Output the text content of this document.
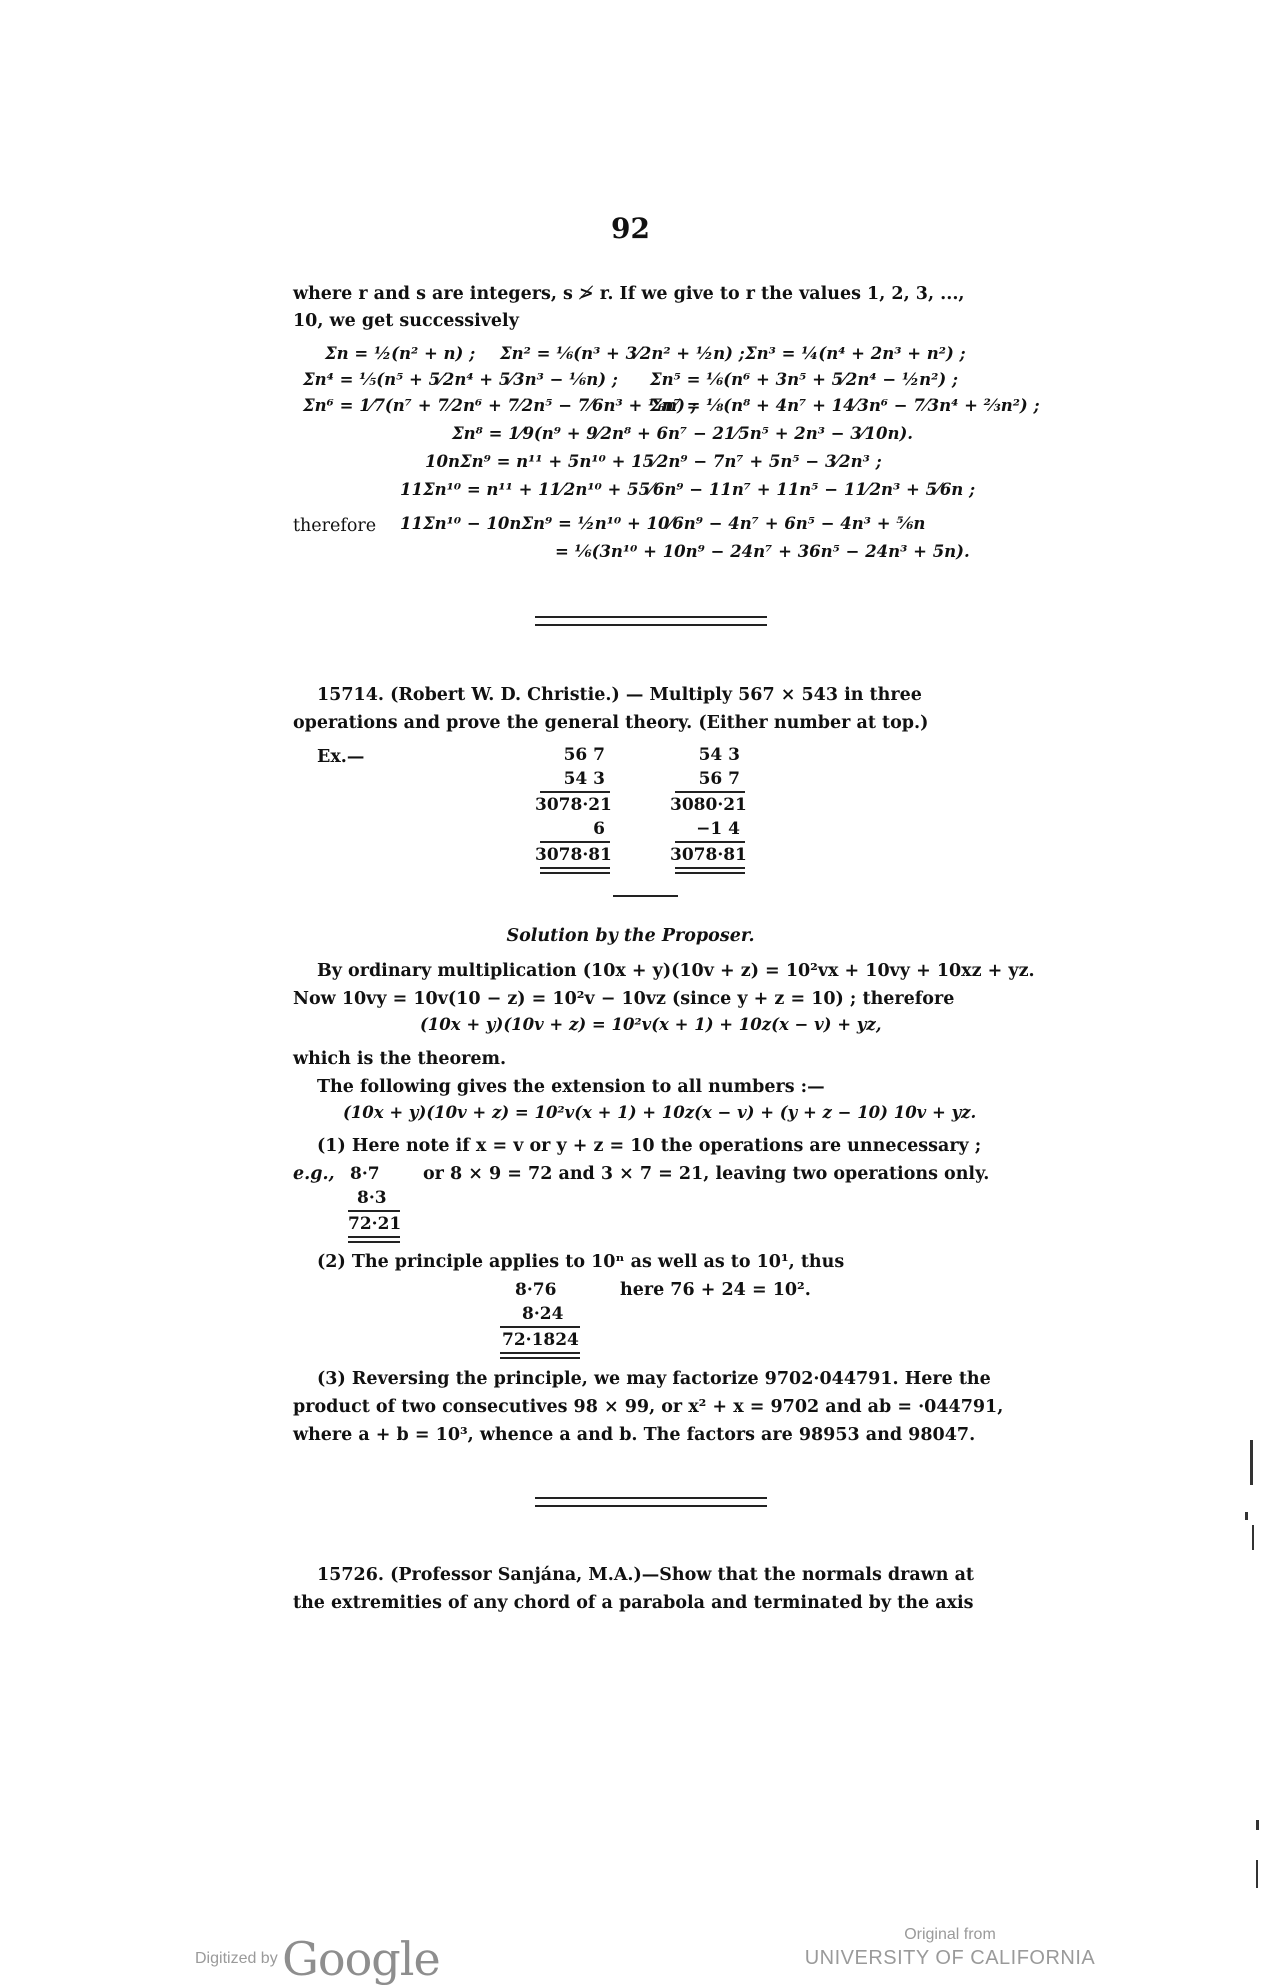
92
where r and s are integers, s ≯ r. If we give to r the values 1, 2, 3, ...,
10, we get successively
Σn = ½(n² + n) ; Σn² = ⅙(n³ + 3⁄2n² + ½n) ; Σn³ = ¼(n⁴ + 2n³ + n²) ;
Σn⁴ = ⅕(n⁵ + 5⁄2n⁴ + 5⁄3n³ − ⅙n) ; Σn⁵ = ⅙(n⁶ + 3n⁵ + 5⁄2n⁴ − ½n²) ;
Σn⁶ = 1⁄7(n⁷ + 7⁄2n⁶ + 7⁄2n⁵ − 7⁄6n³ + ⅙n) ;
Σn⁷ = ⅛(n⁸ + 4n⁷ + 14⁄3n⁶ − 7⁄3n⁴ + ⅔n²) ;
Σn⁸ = 1⁄9(n⁹ + 9⁄2n⁸ + 6n⁷ − 21⁄5n⁵ + 2n³ − 3⁄10n).
10nΣn⁹ = n¹¹ + 5n¹⁰ + 15⁄2n⁹ − 7n⁷ + 5n⁵ − 3⁄2n³ ;
11Σn¹⁰ = n¹¹ + 11⁄2n¹⁰ + 55⁄6n⁹ − 11n⁷ + 11n⁵ − 11⁄2n³ + 5⁄6n ;
therefore 11Σn¹⁰ − 10nΣn⁹ = ½n¹⁰ + 10⁄6n⁹ − 4n⁷ + 6n⁵ − 4n³ + ⅚n
= ⅙(3n¹⁰ + 10n⁹ − 24n⁷ + 36n⁵ − 24n³ + 5n).
15714. (Robert W. D. Christie.) — Multiply 567 × 543 in three
operations and prove the general theory. (Either number at top.)
Ex.—	56 7
54 3
3078·21
6
3078·81
54 3
56 7
3080·21
−1 4
3078·81
Solution by the Proposer.
By ordinary multiplication (10x + y)(10v + z) = 10²vx + 10vy + 10xz + yz.
Now 10vy = 10v(10 − z) = 10²v − 10vz (since y + z = 10) ; therefore
(10x + y)(10v + z) = 10²v(x + 1) + 10z(x − v) + yz,
which is the theorem.
The following gives the extension to all numbers :—
(10x + y)(10v + z) = 10²v(x + 1) + 10z(x − v) + (y + z − 10) 10v + yz.
(1) Here note if x = v or y + z = 10 the operations are unnecessary ;
e.g., 8·7	or 8 × 9 = 72 and 3 × 7 = 21, leaving two operations only.
8·3
72·21
(2) The principle applies to 10ⁿ as well as to 10¹, thus
8·76	here 76 + 24 = 10².
8·24
72·1824
(3) Reversing the principle, we may factorize 9702·044791. Here the
product of two consecutives 98 × 99, or x² + x = 9702 and ab = ·044791,
where a + b = 10³, whence a and b. The factors are 98953 and 98047.
15726. (Professor Sanjána, M.A.)—Show that the normals drawn at
the extremities of any chord of a parabola and terminated by the axis
Digitized by Google	Original from
UNIVERSITY OF CALIFORNIA
